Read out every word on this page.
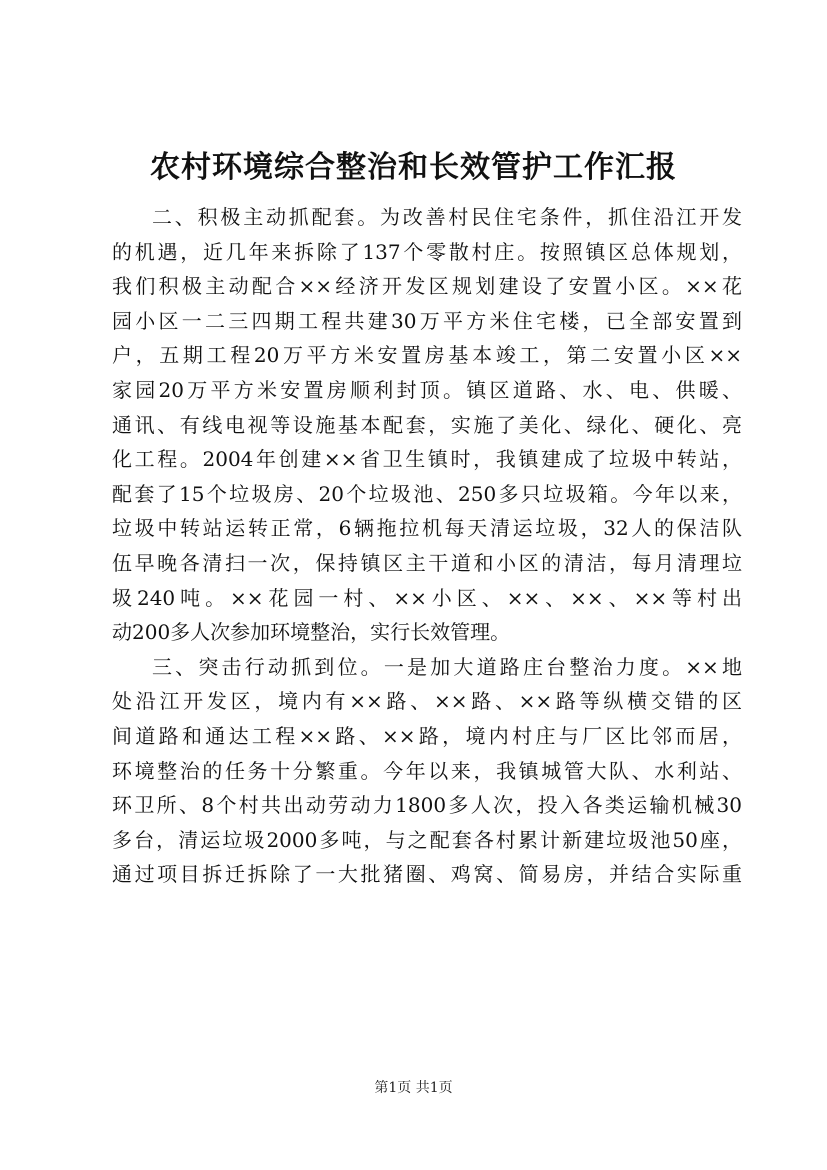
农村环境综合整治和长效管护工作汇报
二、积极主动抓配套。为改善村民住宅条件，抓住沿江开发
的机遇，近几年来拆除了137个零散村庄。按照镇区总体规划，
我们积极主动配合××经济开发区规划建设了安置小区。××花
园小区一二三四期工程共建30万平方米住宅楼，已全部安置到
户，五期工程20万平方米安置房基本竣工，第二安置小区××
家园20万平方米安置房顺利封顶。镇区道路、水、电、供暖、
通讯、有线电视等设施基本配套，实施了美化、绿化、硬化、亮
化工程。2004年创建××省卫生镇时，我镇建成了垃圾中转站，
配套了15个垃圾房、20个垃圾池、250多只垃圾箱。今年以来，
垃圾中转站运转正常，6辆拖拉机每天清运垃圾，32人的保洁队
伍早晚各清扫一次，保持镇区主干道和小区的清洁，每月清理垃
圾240吨。××花园一村、××小区、××、××、××等村出
动200多人次参加环境整治，实行长效管理。
三、突击行动抓到位。一是加大道路庄台整治力度。××地
处沿江开发区，境内有××路、××路、××路等纵横交错的区
间道路和通达工程××路、××路，境内村庄与厂区比邻而居，
环境整治的任务十分繁重。今年以来，我镇城管大队、水利站、
环卫所、8个村共出动劳动力1800多人次，投入各类运输机械30
多台，清运垃圾2000多吨，与之配套各村累计新建垃圾池50座，
通过项目拆迁拆除了一大批猪圈、鸡窝、简易房，并结合实际重
第1页 共1页
